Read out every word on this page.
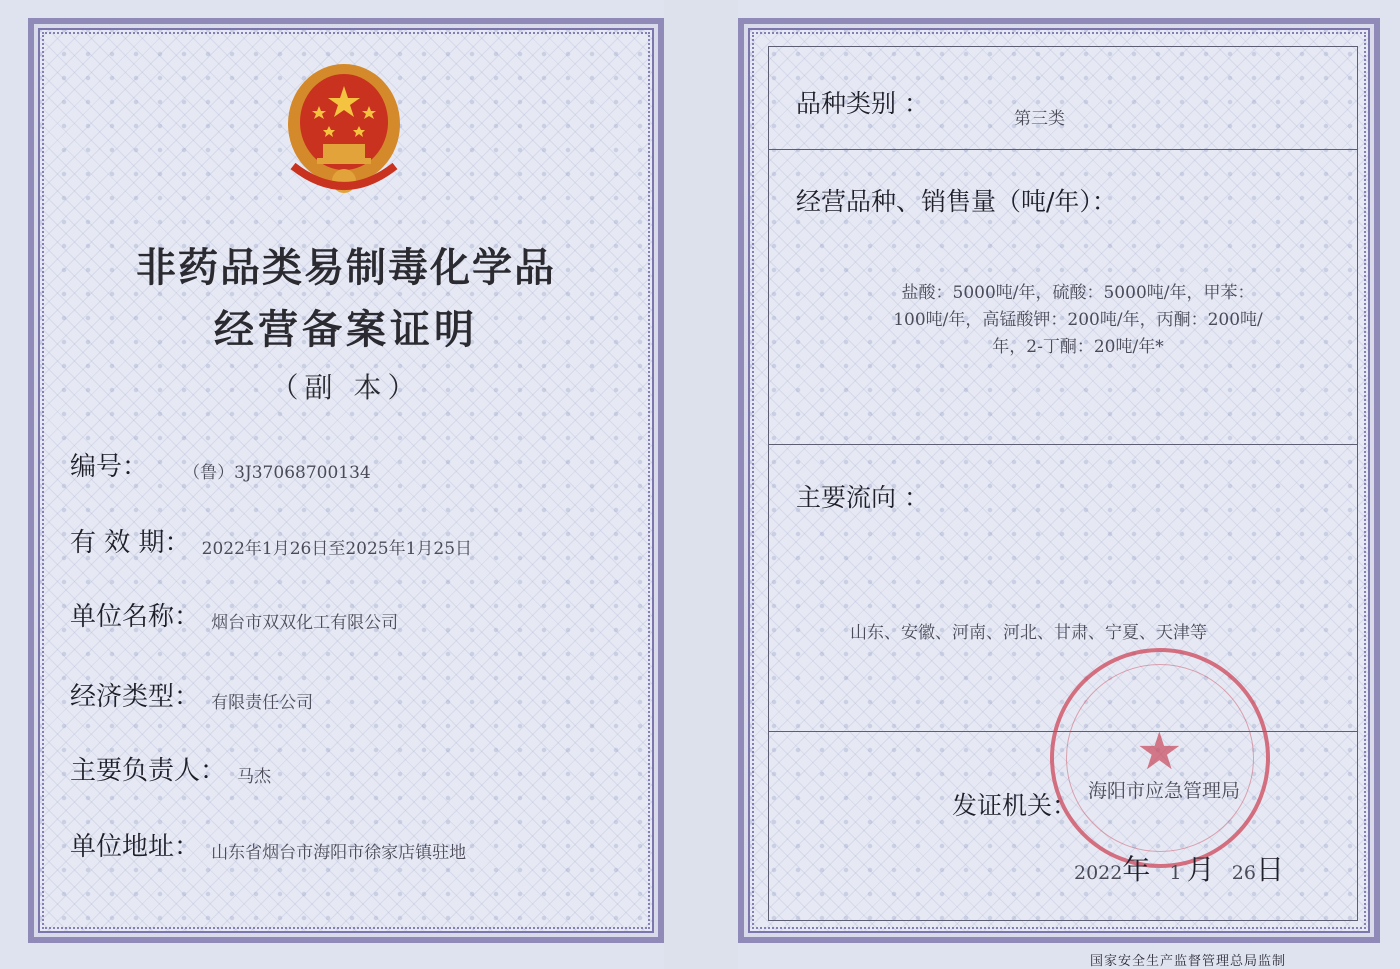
非药品类易制毒化学品
经营备案证明
（副 本）
编号： （鲁）3J37068700134
有 效 期： 2022年1月26日至2025年1月25日
单位名称： 烟台市双双化工有限公司
经济类型： 有限责任公司
主要负责人： 马杰
单位地址： 山东省烟台市海阳市徐家店镇驻地
品种类别 ：
第三类
经营品种、销售量（吨/年）：
盐酸：5000吨/年，硫酸：5000吨/年，甲苯：
100吨/年，高锰酸钾：200吨/年，丙酮：200吨/
年，2-丁酮：20吨/年*
主要流向 ：
山东、安徽、河南、河北、甘肃、宁夏、天津等
★
发证机关： 海阳市应急管理局
2022年 1 月 26日
国家安全生产监督管理总局监制
